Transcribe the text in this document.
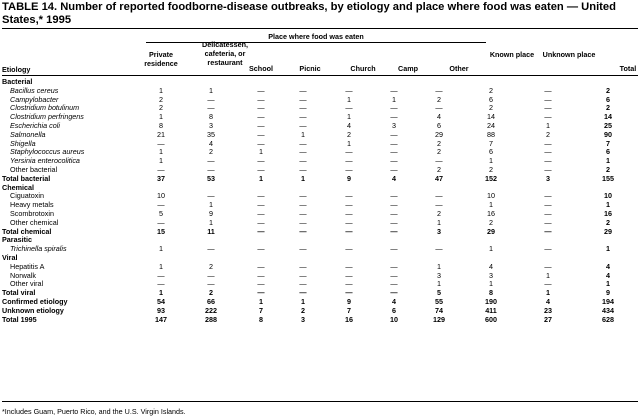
TABLE 14. Number of reported foodborne-disease outbreaks, by etiology and place where food was eaten — United States,* 1995
Place where food was eaten
Private residence
Delicatessen, cafeteria, or restaurant
School	Picnic	Church	Camp	Other
Known place	Unknown place
Total
Etiology
Bacterial										
Bacillus cereus	1	1	—	—	—	—	—	2	—	2
Campylobacter	2	—	—	—	1	1	2	6	—	6
Clostridium botulinum	2	—	—	—	—	—	—	2	—	2
Clostridium perfringens	1	8	—	—	1	—	4	14	—	14
Escherichia coli	8	3	—	—	4	3	6	24	1	25
Salmonella	21	35	—	1	2	—	29	88	2	90
Shigella	—	4	—	—	1	—	2	7	—	7
Staphylococcus aureus	1	2	1	—	—	—	2	6	—	6
Yersinia enterocolitica	1	—	—	—	—	—	—	1	—	1
Other bacterial	—	—	—	—	—	—	2	2	—	2
Total bacterial	37	53	1	1	9	4	47	152	3	155
Chemical										
Ciguatoxin	10	—	—	—	—	—	—	10	—	10
Heavy metals	—	1	—	—	—	—	—	1	—	1
Scombrotoxin	5	9	—	—	—	—	2	16	—	16
Other chemical	—	1	—	—	—	—	1	2	—	2
Total chemical	15	11	—	—	—	—	3	29	—	29
Parasitic										
Trichinella spiralis	1	—	—	—	—	—	—	1	—	1
Viral										
Hepatitis A	1	2	—	—	—	—	1	4	—	4
Norwalk	—	—	—	—	—	—	3	3	1	4
Other viral	—	—	—	—	—	—	1	1	—	1
Total viral	1	2	—	—	—	—	5	8	1	9
Confirmed etiology	54	66	1	1	9	4	55	190	4	194
Unknown etiology	93	222	7	2	7	6	74	411	23	434
Total 1995	147	288	8	3	16	10	129	600	27	628
*Includes Guam, Puerto Rico, and the U.S. Virgin Islands.
